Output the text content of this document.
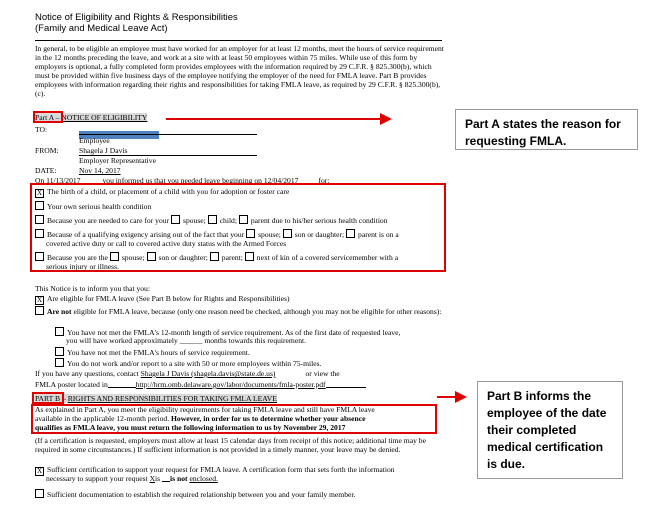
Notice of Eligibility and Rights & Responsibilities
(Family and Medical Leave Act)
In general, to be eligible an employee must have worked for an employer for at least 12 months, meet the hours of service requirement in the 12 months preceding the leave, and work at a site with at least 50 employees within 75 miles. While use of this form by employers is optional, a fully completed form provides employees with the information required by 29 C.F.R. § 825.300(b), which must be provided within five business days of the employee notifying the employer of the need for FMLA leave. Part B provides employees with information regarding their rights and responsibilities for taking FMLA leave, as required by 29 C.F.R. § 825.300(b), (c).
Part A – NOTICE OF ELIGIBILITY
TO:
Employee
FROM:	Shagela J Davis
Employer Representative
DATE:	Nov 14, 2017
On 11/13/2017	you informed us that you needed leave beginning on 12/04/2017	for:
X The birth of a child, or placement of a child with you for adoption or foster care
Your own serious health condition
Because you are needed to care for your spouse; child; parent due to his/her serious health condition
Because of a qualifying exigency arising out of the fact that your spouse; son or daughter; parent is on a
covered active duty or call to covered active duty status with the Armed Forces
Because you are the spouse; son or daughter; parent; next of kin of a covered servicemember with a
serious injury or illness.
This Notice is to inform you that you:
X Are eligible for FMLA leave (See Part B below for Rights and Responsibilities)
Are not eligible for FMLA leave, because (only one reason need be checked, although you may not be eligible for other reasons):
You have not met the FMLA's 12-month length of service requirement. As of the first date of requested leave,
you will have worked approximately ______ months towards this requirement.
You have not met the FMLA's hours of service requirement.
You do not work and/or report to a site with 50 or more employees within 75-miles.
If you have any questions, contact Shagela J Davis (shagela.davis@state.de.us)	or view the
FMLA poster located in	http://hrm.omb.delaware.gov/labor/documents/fmla-poster.pdf
PART B – RIGHTS AND RESPONSIBILITIES FOR TAKING FMLA LEAVE
As explained in Part A, you meet the eligibility requirements for taking FMLA leave and still have FMLA leave
available in the applicable 12-month period. However, in order for us to determine whether your absence
qualifies as FMLA leave, you must return the following information to us by November 29, 2017
(If a certification is requested, employers must allow at least 15 calendar days from receipt of this notice; additional time may be required in some circumstances.) If sufficient information is not provided in a timely manner, your leave may be denied.
X Sufficient certification to support your request for FMLA leave. A certification form that sets forth the information
necessary to support your request Xis is not enclosed.
Sufficient documentation to establish the required relationship between you and your family member.
Part A states the reason for requesting FMLA.
Part B informs the employee of the date their completed medical certification is due.
